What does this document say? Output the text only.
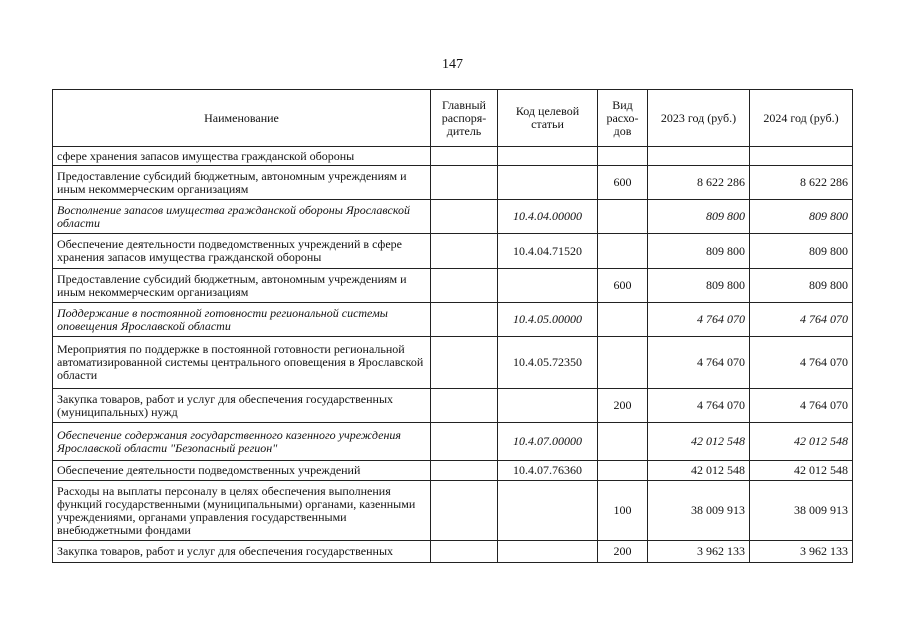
147
Наименование	Главный распоря-дитель	Код целевой статьи	Вид расхо-дов	2023 год (руб.)	2024 год (руб.)
сфере хранения запасов имущества гражданской обороны					
Предоставление субсидий бюджетным, автономным учреждениям и иным некоммерческим организациям			600	8 622 286	8 622 286
Восполнение запасов имущества гражданской обороны Ярославской области		10.4.04.00000		809 800	809 800
Обеспечение деятельности подведомственных учреждений в сфере хранения запасов имущества гражданской обороны		10.4.04.71520		809 800	809 800
Предоставление субсидий бюджетным, автономным учреждениям и иным некоммерческим организациям			600	809 800	809 800
Поддержание в постоянной готовности региональной системы оповещения Ярославской области		10.4.05.00000		4 764 070	4 764 070
Мероприятия по поддержке в постоянной готовности региональной автоматизированной системы центрального оповещения в Ярославской области		10.4.05.72350		4 764 070	4 764 070
Закупка товаров, работ и услуг для обеспечения государственных (муниципальных) нужд			200	4 764 070	4 764 070
Обеспечение содержания государственного казенного учреждения Ярославской области "Безопасный регион"		10.4.07.00000		42 012 548	42 012 548
Обеспечение деятельности подведомственных учреждений		10.4.07.76360		42 012 548	42 012 548
Расходы на выплаты персоналу в целях обеспечения выполнения функций государственными (муниципальными) органами, казенными учреждениями, органами управления государственными внебюджетными фондами			100	38 009 913	38 009 913
Закупка товаров, работ и услуг для обеспечения государственных			200	3 962 133	3 962 133
